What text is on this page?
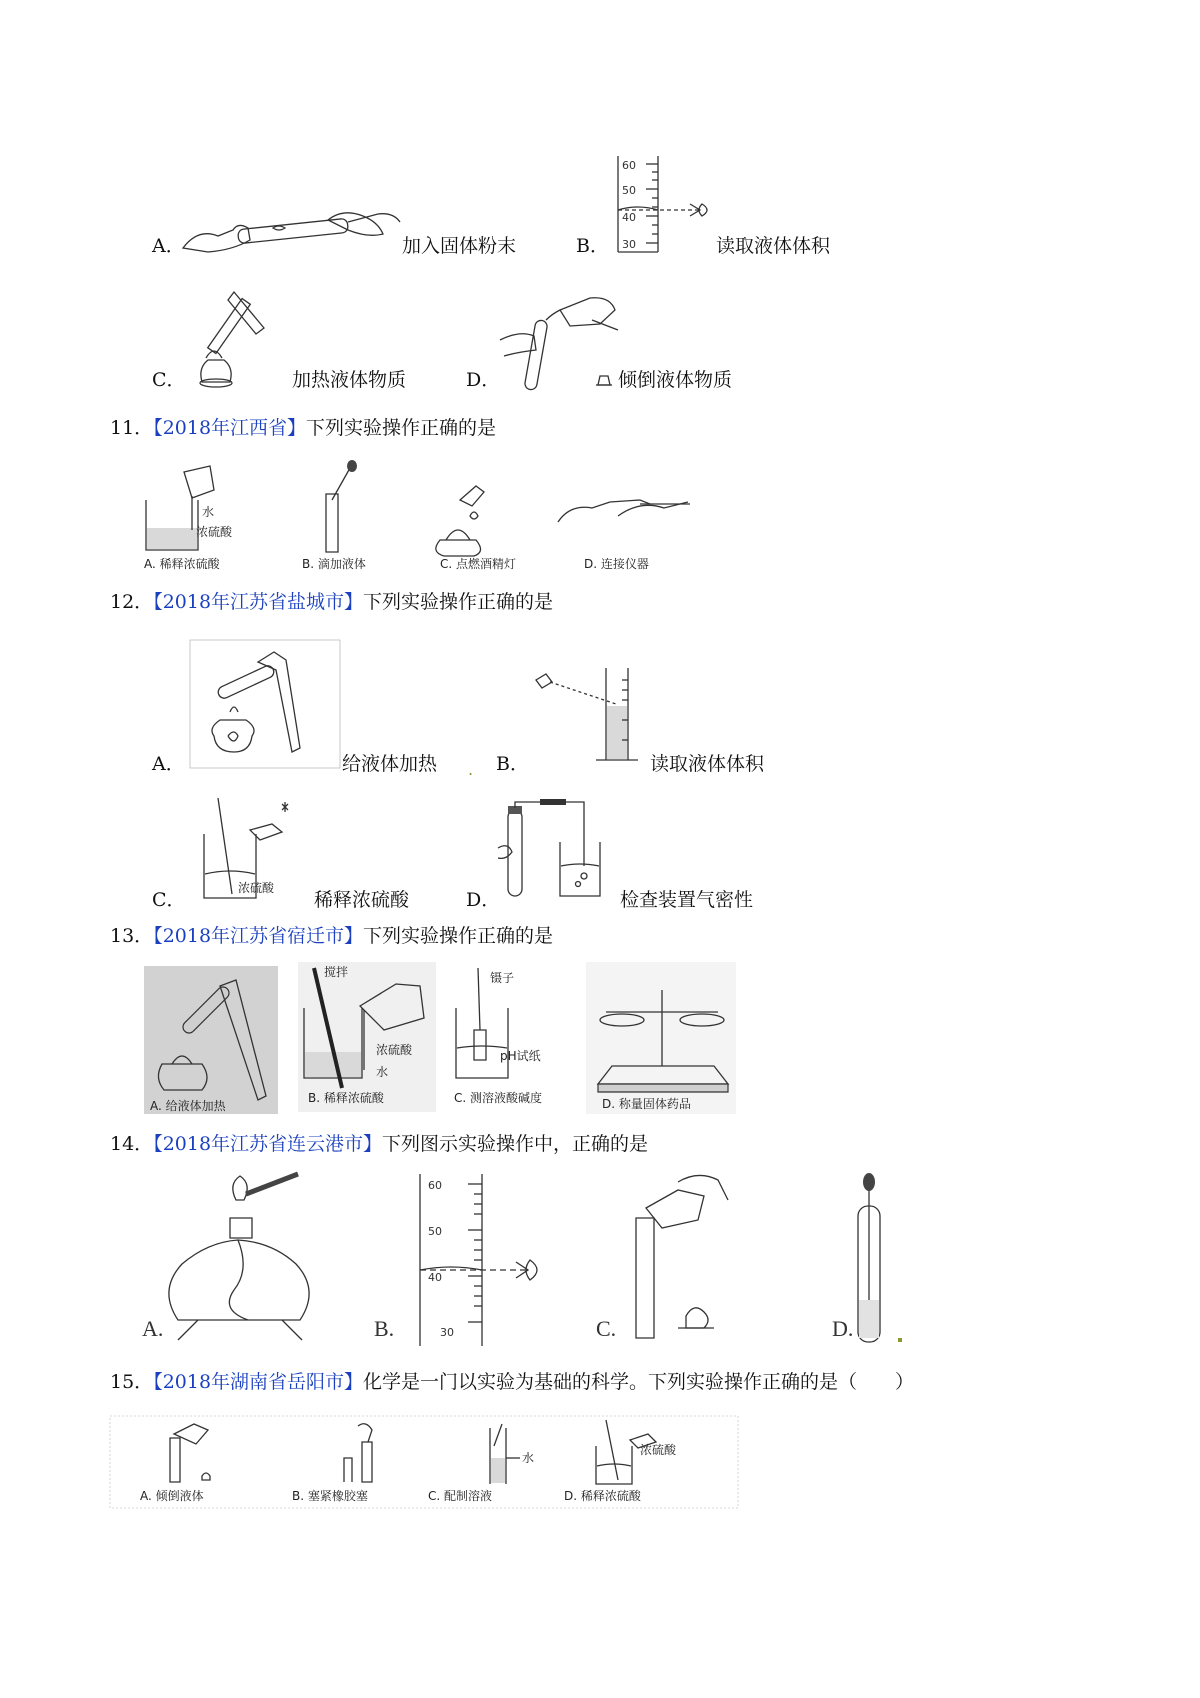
A．	加入固体粉末	B．
60
50
40
30	读取液体体积
C．	加热液体物质	D．	倾倒液体物质
11．【2018年江西省】下列实验操作正确的是
水
浓硫酸
A. 稀释浓硫酸	B. 滴加液体	C. 点燃酒精灯	D. 连接仪器
12．【2018年江苏省盐城市】下列实验操作正确的是
A．	给液体加热 . B．	读取液体体积
C．
浓硫酸
稀释浓硫酸	D．	检查装置气密性
13．【2018年江苏省宿迁市】下列实验操作正确的是
A. 给液体加热
搅拌
浓硫酸
水
B. 稀释浓硫酸
镊子
pH试纸
C. 测溶液酸碱度	D. 称量固体药品
14．【2018年江苏省连云港市】下列图示实验操作中，正确的是
A.
60
50
40
30
B.	C.	D.
15．【2018年湖南省岳阳市】化学是一门以实验为基础的科学。下列实验操作正确的是（　　）
水
浓硫酸
A. 倾倒液体	B. 塞紧橡胶塞	C. 配制溶液	D. 稀释浓硫酸
